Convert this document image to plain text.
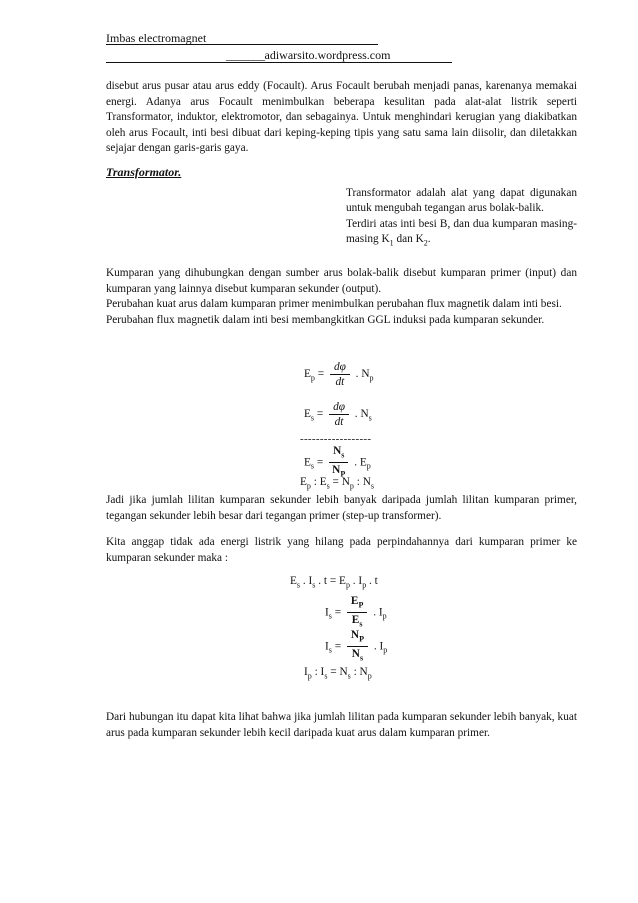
Imbas electromagnet
_______adiwarsito.wordpress.com
disebut arus pusar atau arus eddy (Focault). Arus Focault berubah menjadi panas, karenanya memakai energi. Adanya arus Focault menimbulkan beberapa kesulitan pada alat-alat listrik seperti Transformator, induktor, elektromotor, dan sebagainya. Untuk menghindari kerugian yang diakibatkan oleh arus Focault, inti besi dibuat dari keping-keping tipis yang satu sama lain diisolir, dan diletakkan sejajar dengan garis-garis gaya.
Transformator.
Transformator adalah alat yang dapat digunakan untuk mengubah tegangan arus bolak-balik.
Terdiri atas inti besi B, dan dua kumparan masing-masing $K_1$ dan $K_2$.
Kumparan yang dihubungkan dengan sumber arus bolak-balik disebut kumparan primer (input) dan kumparan yang lainnya disebut kumparan sekunder (output).
Perubahan kuat arus dalam kumparan primer menimbulkan perubahan flux magnetik dalam inti besi.
Perubahan flux magnetik dalam inti besi membangkitkan GGL induksi pada kumparan sekunder.
$E_p = \frac{d\varphi}{dt}$ . $N_p$
$E_s = \frac{d\varphi}{dt}$ . $N_s$
------------------
$E_s = \frac{N_s}{N_P}$ . $E_p$
$E_p$ : $E_s = N_p$ : $N_s$
Jadi jika jumlah lilitan kumparan sekunder lebih banyak daripada jumlah lilitan kumparan primer, tegangan sekunder lebih besar dari tegangan primer (step-up transformer).
Kita anggap tidak ada energi listrik yang hilang pada perpindahannya dari kumparan primer ke kumparan sekunder maka :
$E_s$ . $I_s$ . $t = E_p$ . $I_p$ . t
$I_s = \frac{E_P}{E_s}$ . $I_p$
$I_s = \frac{N_P}{N_s}$ . $I_p$
$I_p$ : $I_s = N_s$ : $N_p$
Dari hubungan itu dapat kita lihat bahwa jika jumlah lilitan pada kumparan sekunder lebih banyak, kuat arus pada kumparan sekunder lebih kecil daripada kuat arus dalam kumparan primer.
